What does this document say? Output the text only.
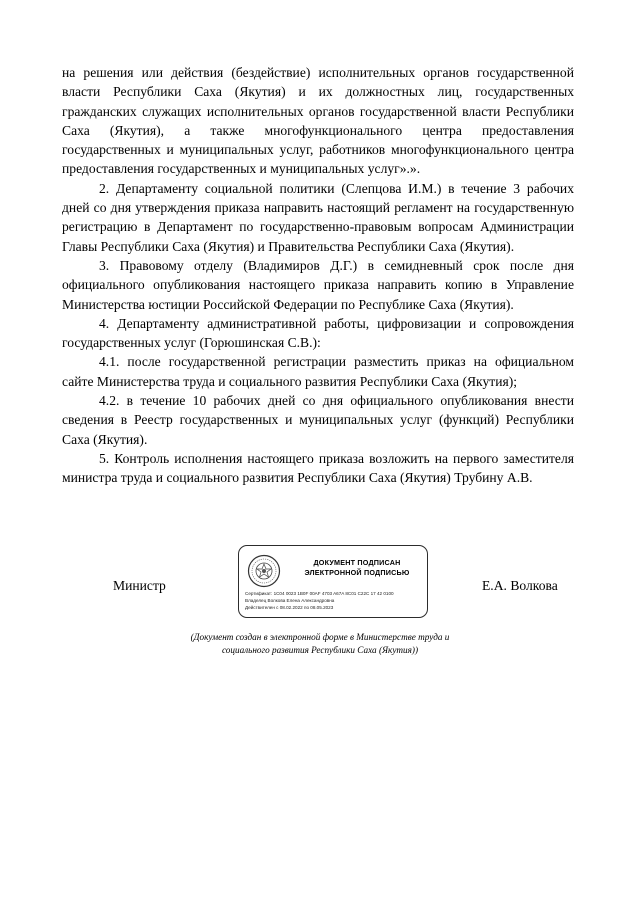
на решения или действия (бездействие) исполнительных органов государственной власти Республики Саха (Якутия) и их должностных лиц, государственных гражданских служащих исполнительных органов государственной власти Республики Саха (Якутия), а также многофункционального центра предоставления государственных и муниципальных услуг, работников многофункционального центра предоставления государственных и муниципальных услуг».».

2. Департаменту социальной политики (Слепцова И.М.) в течение 3 рабочих дней со дня утверждения приказа направить настоящий регламент на государственную регистрацию в Департамент по государственно-правовым вопросам Администрации Главы Республики Саха (Якутия) и Правительства Республики Саха (Якутия).

3. Правовому отделу (Владимиров Д.Г.) в семидневный срок после дня официального опубликования настоящего приказа направить копию в Управление Министерства юстиции Российской Федерации по Республике Саха (Якутия).

4. Департаменту административной работы, цифровизации и сопровождения государственных услуг (Горюшинская С.В.):

4.1. после государственной регистрации разместить приказ на официальном сайте Министерства труда и социального развития Республики Саха (Якутия);

4.2. в течение 10 рабочих дней со дня официального опубликования внести сведения в Реестр государственных и муниципальных услуг (функций) Республики Саха (Якутия).

5. Контроль исполнения настоящего приказа возложить на первого заместителя министра труда и социального развития Республики Саха (Якутия) Трубину А.В.

Министр
ДОКУМЕНТ ПОДПИСАН
ЭЛЕКТРОННОЙ ПОДПИСЬЮ
Сертификат: 1C04 0023 1B0F 00AF 4703 A67A 8C01 C22C 17 42 0100
Владелец Волкова Елена Александровна
Действителен с 08.02.2022 по 08.05.2023
Е.А. Волкова
(Документ создан в электронной форме в Министерстве труда и
социального развития Республики Саха (Якутия))
